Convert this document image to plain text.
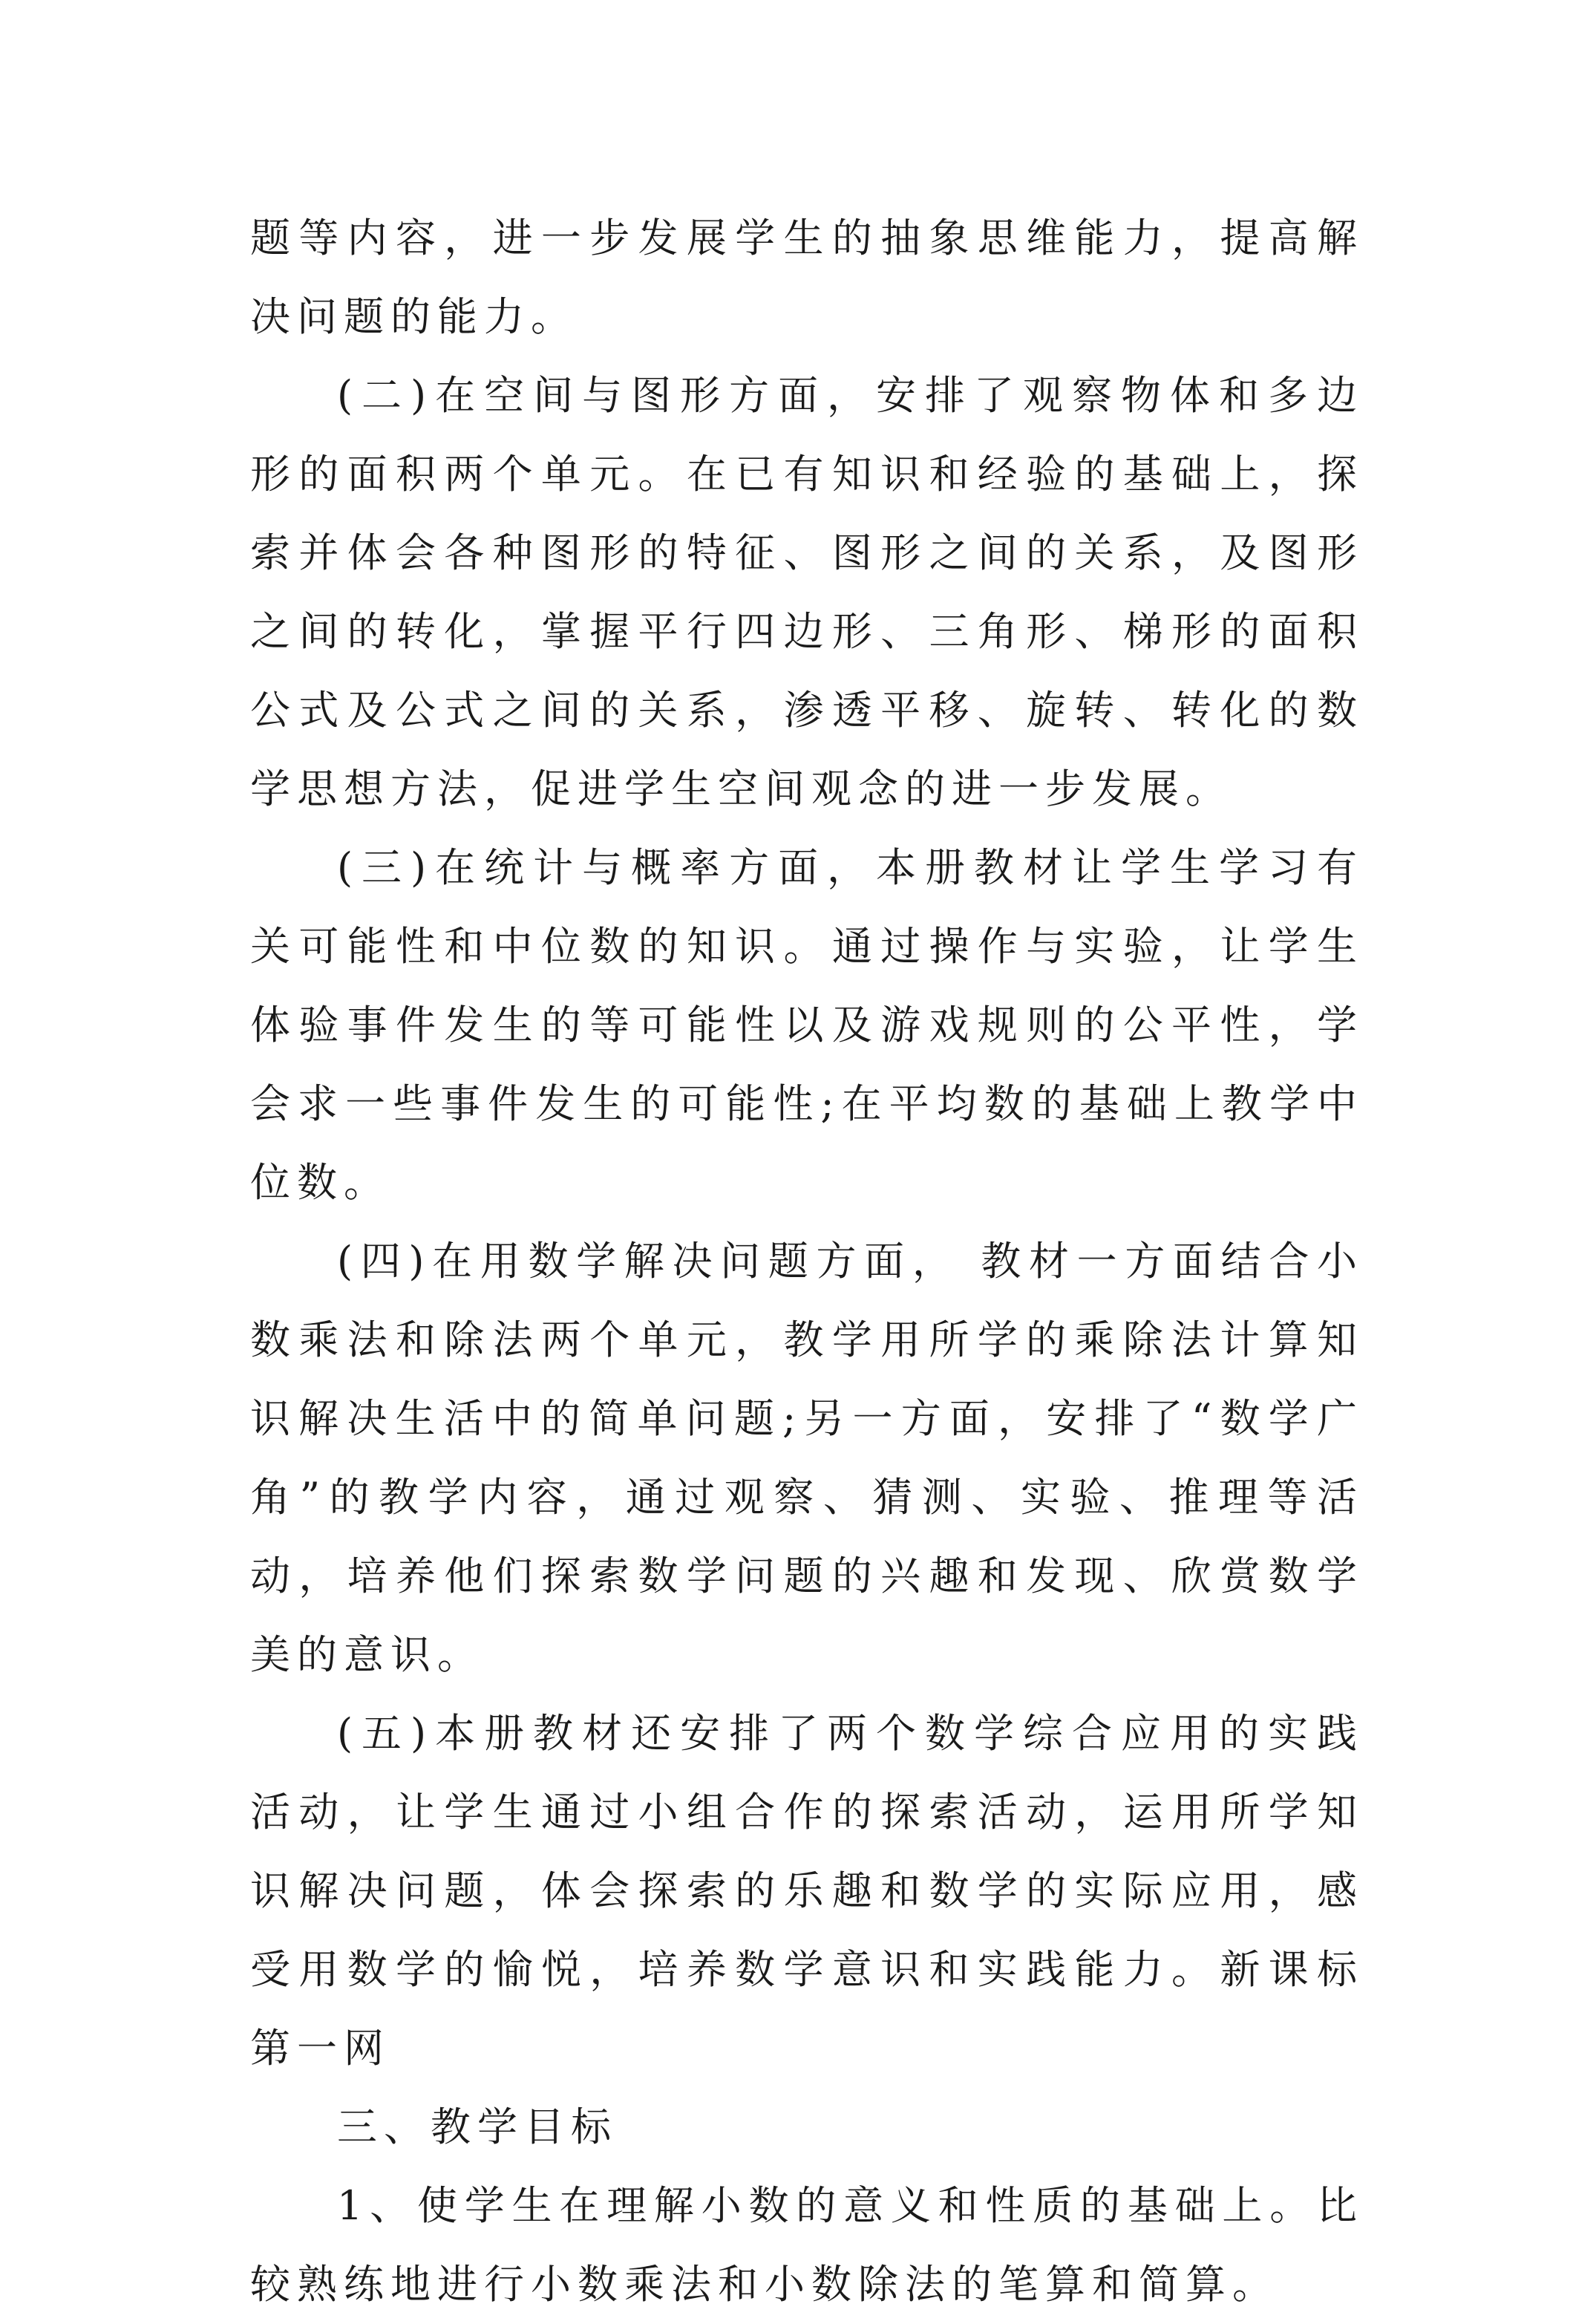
题等内容，进一步发展学生的抽象思维能力，提高解决问题的能力。

(二)在空间与图形方面，安排了观察物体和多边形的面积两个单元。在已有知识和经验的基础上，探索并体会各种图形的特征、图形之间的关系，及图形之间的转化，掌握平行四边形、三角形、梯形的面积公式及公式之间的关系，渗透平移、旋转、转化的数学思想方法，促进学生空间观念的进一步发展。

(三)在统计与概率方面，本册教材让学生学习有关可能性和中位数的知识。通过操作与实验，让学生体验事件发生的等可能性以及游戏规则的公平性，学会求一些事件发生的可能性;在平均数的基础上教学中位数。

(四)在用数学解决问题方面， 教材一方面结合小数乘法和除法两个单元，教学用所学的乘除法计算知识解决生活中的简单问题;另一方面，安排了“数学广角”的教学内容，通过观察、猜测、实验、推理等活动，培养他们探索数学问题的兴趣和发现、欣赏数学美的意识。

(五)本册教材还安排了两个数学综合应用的实践活动，让学生通过小组合作的探索活动，运用所学知识解决问题，体会探索的乐趣和数学的实际应用，感受用数学的愉悦，培养数学意识和实践能力。新课标第一网

三、教学目标

1、使学生在理解小数的意义和性质的基础上。比较熟练地进行小数乘法和小数除法的笔算和简算。
